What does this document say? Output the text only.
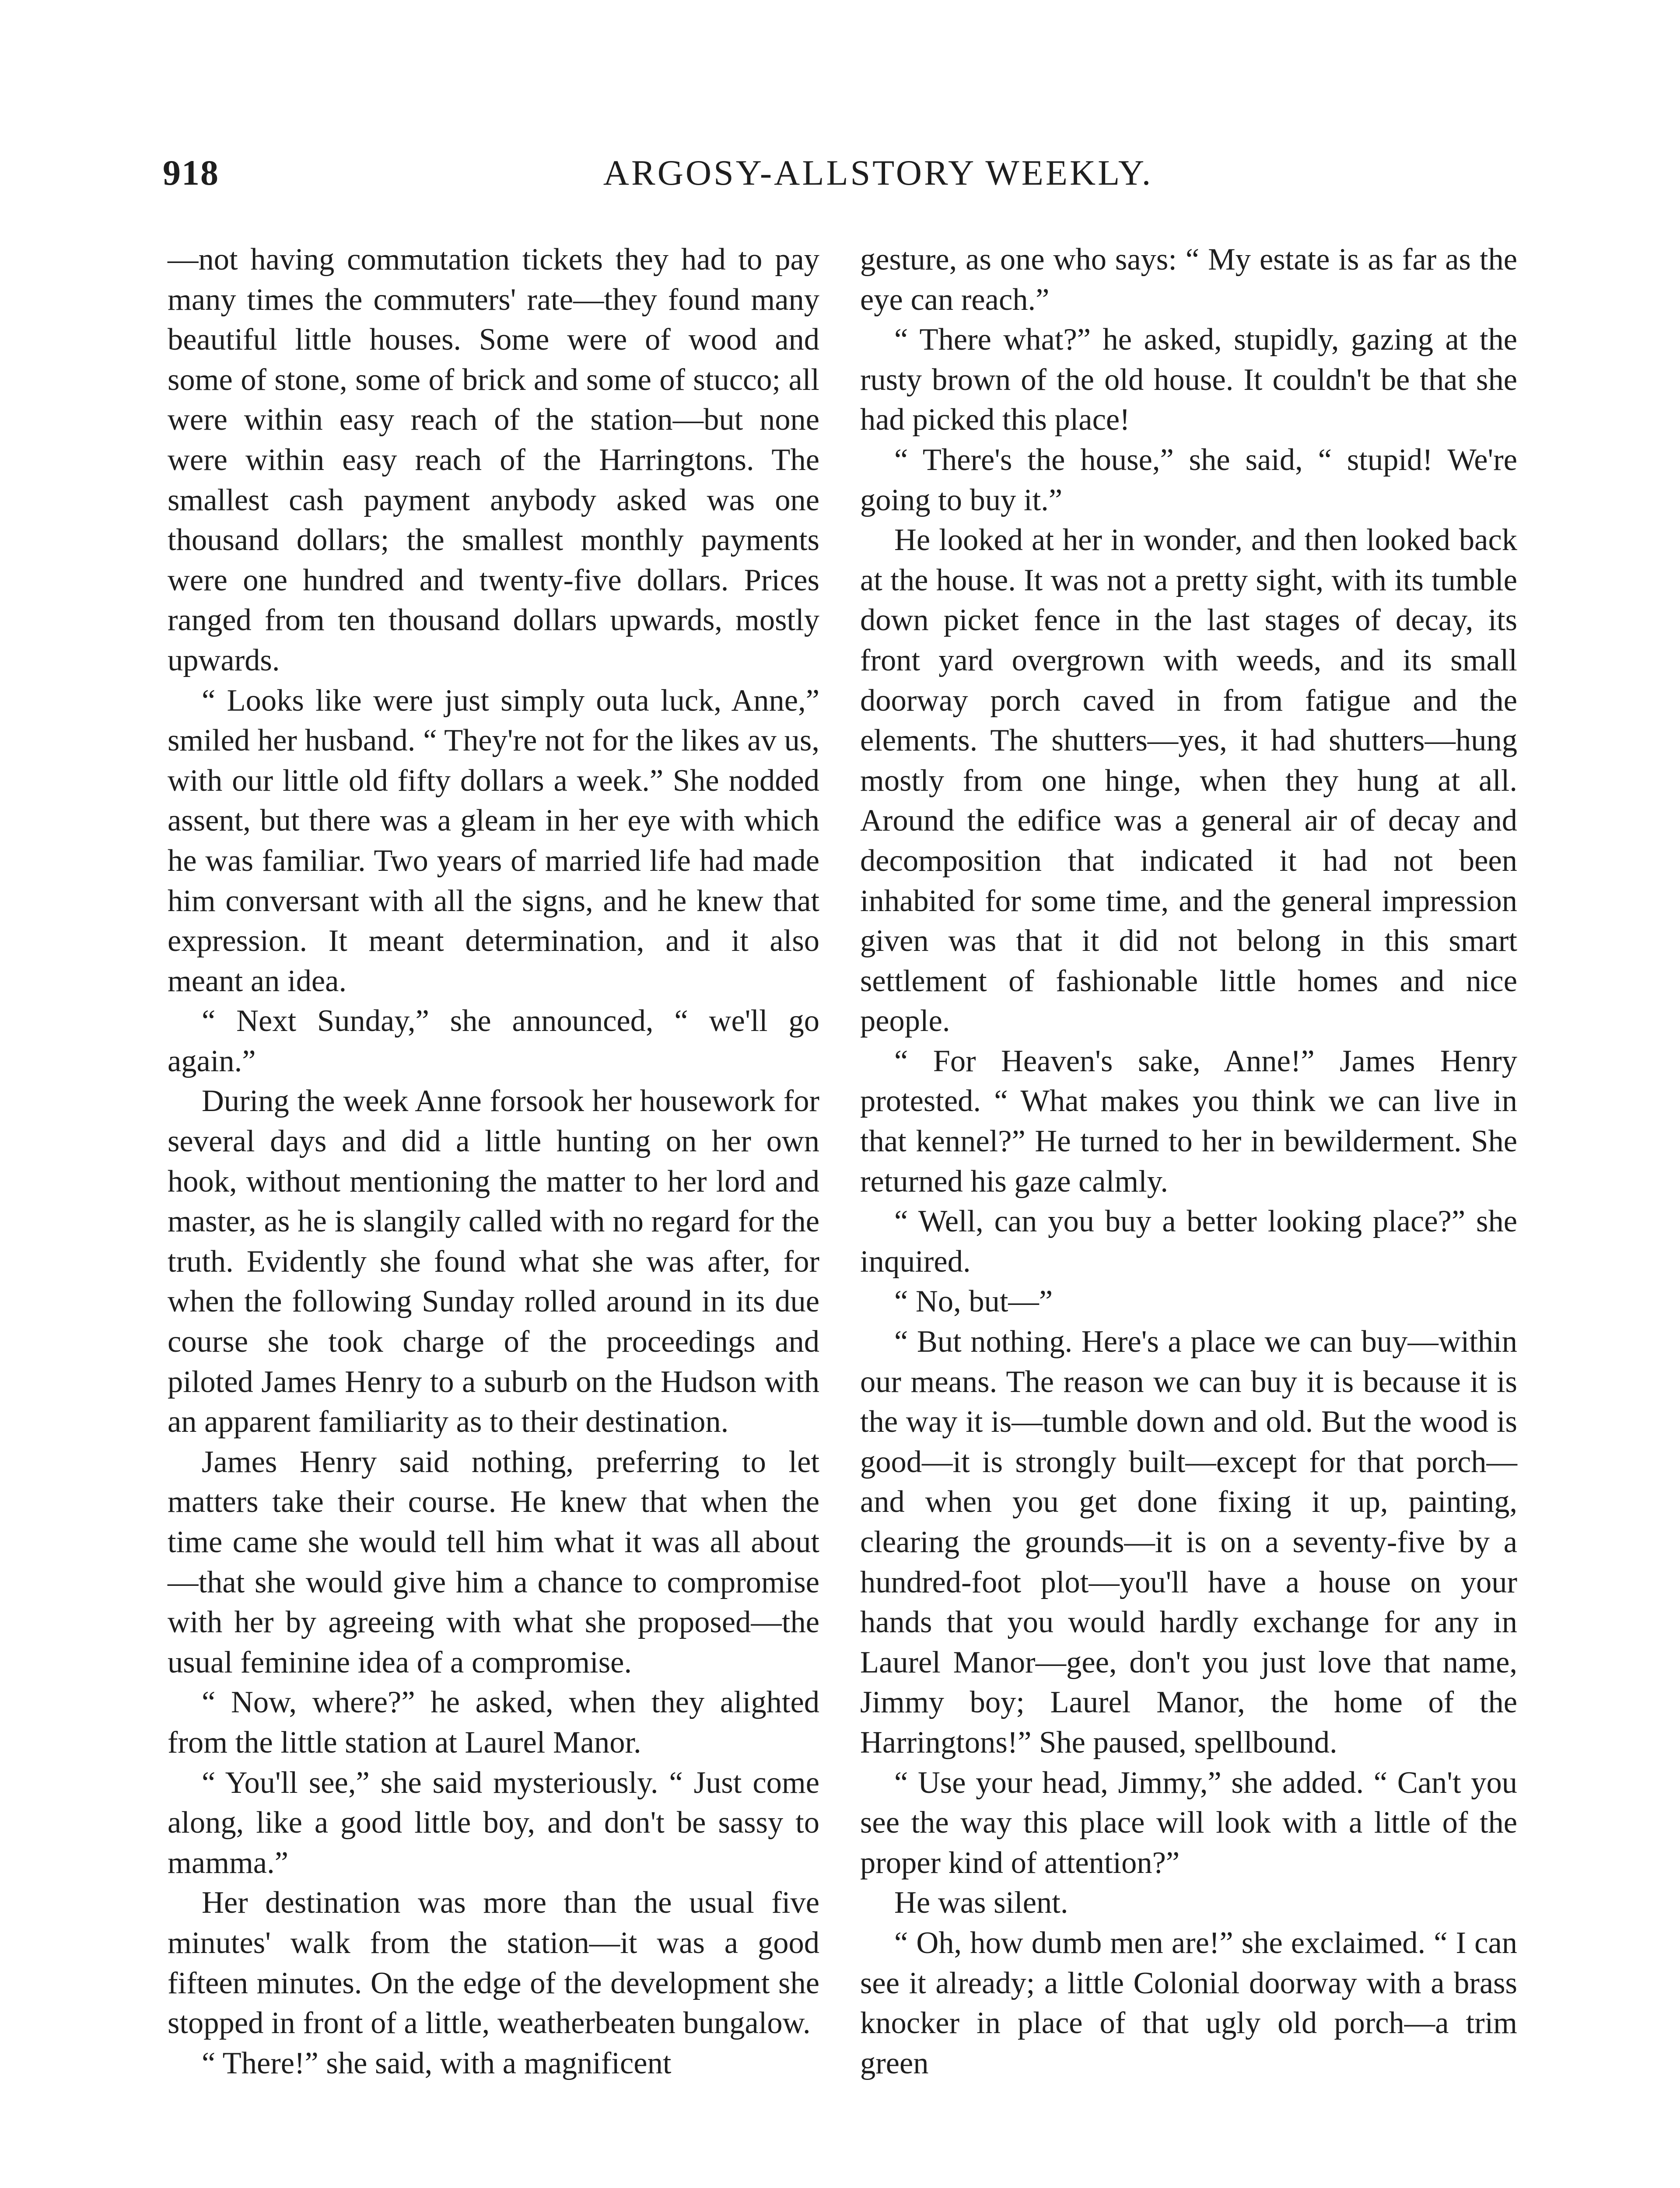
918	ARGOSY-ALLSTORY WEEKLY.

—not having commutation tickets they had to pay many times the commuters' rate—they found many beautiful little houses. Some were of wood and some of stone, some of brick and some of stucco; all were within easy reach of the station—but none were within easy reach of the Harringtons. The smallest cash payment anybody asked was one thousand dollars; the smallest monthly payments were one hundred and twenty-five dollars. Prices ranged from ten thousand dollars upwards, mostly upwards.

“ Looks like were just simply outa luck, Anne,” smiled her husband. “ They're not for the likes av us, with our little old fifty dollars a week.” She nodded assent, but there was a gleam in her eye with which he was familiar. Two years of married life had made him conversant with all the signs, and he knew that expression. It meant determination, and it also meant an idea.

“ Next Sunday,” she announced, “ we'll go again.”

During the week Anne forsook her housework for several days and did a little hunting on her own hook, without mentioning the matter to her lord and master, as he is slangily called with no regard for the truth. Evidently she found what she was after, for when the following Sunday rolled around in its due course she took charge of the proceedings and piloted James Henry to a suburb on the Hudson with an apparent familiarity as to their destination.

James Henry said nothing, preferring to let matters take their course. He knew that when the time came she would tell him what it was all about—that she would give him a chance to compromise with her by agreeing with what she proposed—the usual feminine idea of a compromise.

“ Now, where?” he asked, when they alighted from the little station at Laurel Manor.

“ You'll see,” she said mysteriously. “ Just come along, like a good little boy, and don't be sassy to mamma.”

Her destination was more than the usual five minutes' walk from the station—it was a good fifteen minutes. On the edge of the development she stopped in front of a little, weatherbeaten bungalow.

“ There!” she said, with a magnificent

gesture, as one who says: “ My estate is as far as the eye can reach.”

“ There what?” he asked, stupidly, gazing at the rusty brown of the old house. It couldn't be that she had picked this place!

“ There's the house,” she said, “ stupid! We're going to buy it.”

He looked at her in wonder, and then looked back at the house. It was not a pretty sight, with its tumble down picket fence in the last stages of decay, its front yard overgrown with weeds, and its small doorway porch caved in from fatigue and the elements. The shutters—yes, it had shutters—hung mostly from one hinge, when they hung at all. Around the edifice was a general air of decay and decomposition that indicated it had not been inhabited for some time, and the general impression given was that it did not belong in this smart settlement of fashionable little homes and nice people.

“ For Heaven's sake, Anne!” James Henry protested. “ What makes you think we can live in that kennel?” He turned to her in bewilderment. She returned his gaze calmly.

“ Well, can you buy a better looking place?” she inquired.

“ No, but—”

“ But nothing. Here's a place we can buy—within our means. The reason we can buy it is because it is the way it is—tumble down and old. But the wood is good—it is strongly built—except for that porch—and when you get done fixing it up, painting, clearing the grounds—it is on a seventy-five by a hundred-foot plot—you'll have a house on your hands that you would hardly exchange for any in Laurel Manor—gee, don't you just love that name, Jimmy boy; Laurel Manor, the home of the Harringtons!” She paused, spellbound.

“ Use your head, Jimmy,” she added. “ Can't you see the way this place will look with a little of the proper kind of attention?”

He was silent.

“ Oh, how dumb men are!” she exclaimed. “ I can see it already; a little Colonial doorway with a brass knocker in place of that ugly old porch—a trim green
